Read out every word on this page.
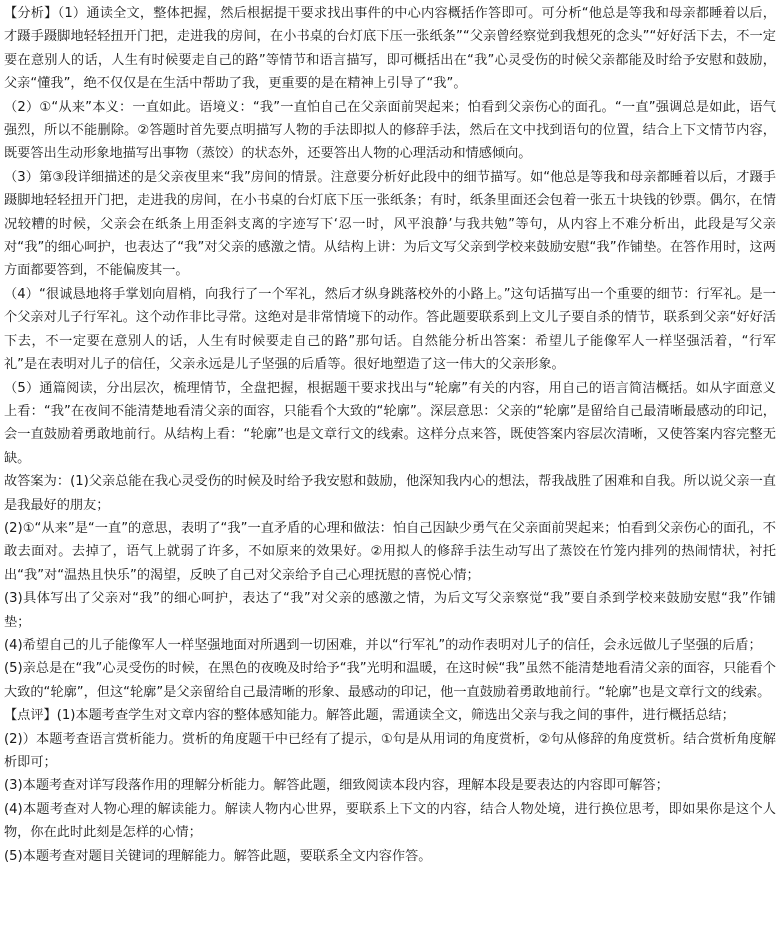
【分析】（1）通读全文，整体把握，然后根据提干要求找出事件的中心内容概括作答即可。可分析“他总是等我和母亲都睡着以后，才蹑手蹑脚地轻轻扭开门把，走进我的房间，在小书桌的台灯底下压一张纸条”“父亲曾经察觉到我想死的念头”“好好活下去，不一定要在意别人的话，人生有时候要走自己的路”等情节和语言描写，即可概括出在“我”心灵受伤的时候父亲都能及时给予安慰和鼓励，父亲“懂我”，绝不仅仅是在生活中帮助了我，更重要的是在精神上引导了“我”。

（2）①“从来”本义：一直如此。语境义：“我”一直怕自己在父亲面前哭起来；怕看到父亲伤心的面孔。“一直”强调总是如此，语气强烈，所以不能删除。②答题时首先要点明描写人物的手法即拟人的修辞手法，然后在文中找到语句的位置，结合上下文情节内容，既要答出生动形象地描写出事物（蒸饺）的状态外，还要答出人物的心理活动和情感倾向。

（3）第③段详细描述的是父亲夜里来“我”房间的情景。注意要分析好此段中的细节描写。如“他总是等我和母亲都睡着以后，才蹑手蹑脚地轻轻扭开门把，走进我的房间，在小书桌的台灯底下压一张纸条；有时，纸条里面还会包着一张五十块钱的钞票。偶尔，在情况较糟的时候，父亲会在纸条上用歪斜支离的字迹写下‘忍一时，风平浪静’与我共勉”等句，从内容上不难分析出，此段是写父亲对“我”的细心呵护，也表达了“我”对父亲的感激之情。从结构上讲：为后文写父亲到学校来鼓励安慰“我”作铺垫。在答作用时，这两方面都要答到，不能偏废其一。

（4）“很诚恳地将手掌划向眉梢，向我行了一个军礼，然后才纵身跳落校外的小路上。”这句话描写出一个重要的细节：行军礼。是一个父亲对儿子行军礼。这个动作非比寻常。这绝对是非常情境下的动作。答此题要联系到上文儿子要自杀的情节，联系到父亲“好好活下去，不一定要在意别人的话，人生有时候要走自己的路”那句话。自然能分析出答案：希望儿子能像军人一样坚强活着，“行军礼”是在表明对儿子的信任，父亲永远是儿子坚强的后盾等。很好地塑造了这一伟大的父亲形象。

（5）通篇阅读，分出层次，梳理情节，全盘把握，根据题干要求找出与“轮廓”有关的内容，用自己的语言简洁概括。如从字面意义上看：“我”在夜间不能清楚地看清父亲的面容，只能看个大致的“轮廓”。深层意思：父亲的“轮廓”是留给自己最清晰最感动的印记，会一直鼓励着勇敢地前行。从结构上看：“轮廓”也是文章行文的线索。这样分点来答，既使答案内容层次清晰，又使答案内容完整无缺。

故答案为：(1)父亲总能在我心灵受伤的时候及时给予我安慰和鼓励，他深知我内心的想法，帮我战胜了困难和自我。所以说父亲一直是我最好的朋友；

(2)①“从来”是“一直”的意思，表明了“我”一直矛盾的心理和做法：怕自己因缺少勇气在父亲面前哭起来；怕看到父亲伤心的面孔，不敢去面对。去掉了，语气上就弱了许多，不如原来的效果好。②用拟人的修辞手法生动写出了蒸饺在竹笼内排列的热闹情状，衬托出“我”对“温热且快乐”的渴望，反映了自己对父亲给予自己心理抚慰的喜悦心情；

(3)具体写出了父亲对“我”的细心呵护，表达了“我”对父亲的感激之情，为后文写父亲察觉“我”要自杀到学校来鼓励安慰“我”作铺垫；

(4)希望自己的儿子能像军人一样坚强地面对所遇到一切困难，并以“行军礼”的动作表明对儿子的信任，会永远做儿子坚强的后盾；

(5)亲总是在“我”心灵受伤的时候，在黑色的夜晚及时给予“我”光明和温暖，在这时候“我”虽然不能清楚地看清父亲的面容，只能看个大致的“轮廓”，但这“轮廓”是父亲留给自己最清晰的形象、最感动的印记，他一直鼓励着勇敢地前行。“轮廓”也是文章行文的线索。

【点评】(1)本题考查学生对文章内容的整体感知能力。解答此题，需通读全文，筛选出父亲与我之间的事件，进行概括总结；

(2)）本题考查语言赏析能力。赏析的角度题干中已经有了提示，①句是从用词的角度赏析，②句从修辞的角度赏析。结合赏析角度解析即可；

(3)本题考查对详写段落作用的理解分析能力。解答此题，细致阅读本段内容，理解本段是要表达的内容即可解答；

(4)本题考查对人物心理的解读能力。解读人物内心世界，要联系上下文的内容，结合人物处境，进行换位思考，即如果你是这个人物，你在此时此刻是怎样的心情；

(5)本题考查对题目关键词的理解能力。解答此题，要联系全文内容作答。
